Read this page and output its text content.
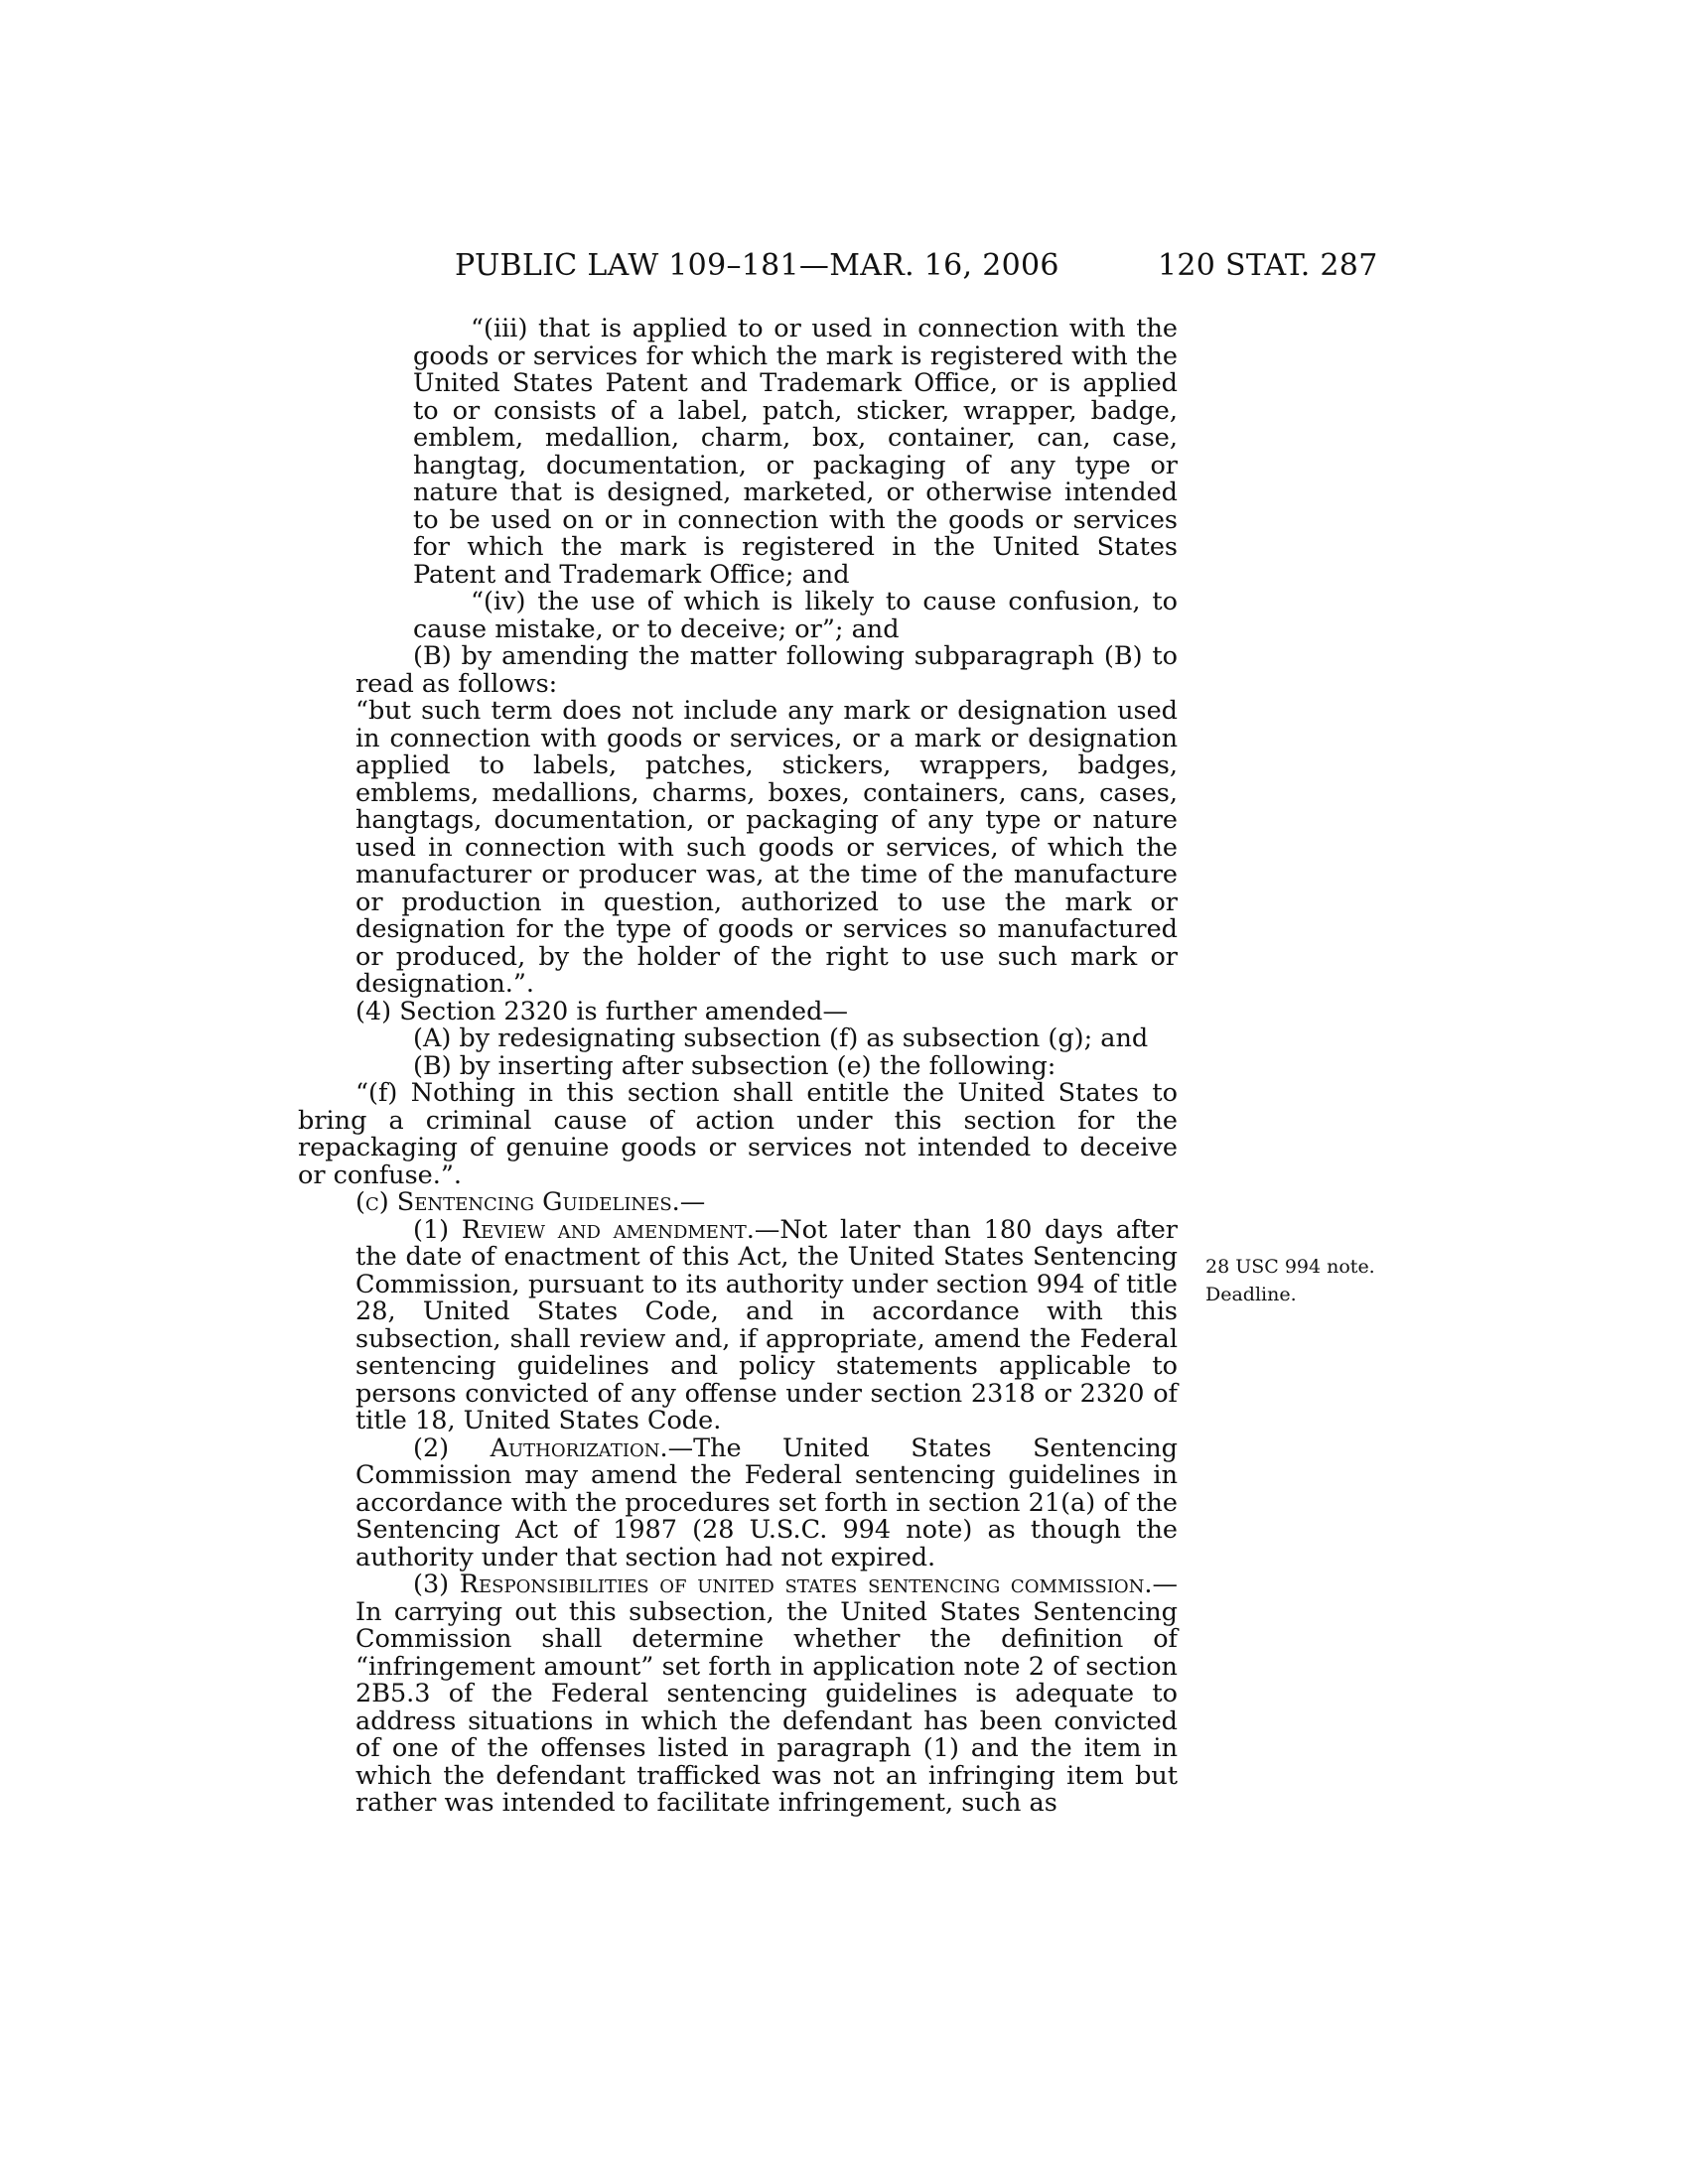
PUBLIC LAW 109–181—MAR. 16, 2006	120 STAT. 287

“(iii) that is applied to or used in connection with the goods or services for which the mark is registered with the United States Patent and Trademark Office, or is applied to or consists of a label, patch, sticker, wrapper, badge, emblem, medallion, charm, box, container, can, case, hangtag, documentation, or packaging of any type or nature that is designed, marketed, or otherwise intended to be used on or in connection with the goods or services for which the mark is registered in the United States Patent and Trademark Office; and

“(iv) the use of which is likely to cause confusion, to cause mistake, or to deceive; or”; and

(B) by amending the matter following subparagraph (B) to read as follows:

“but such term does not include any mark or designation used in connection with goods or services, or a mark or designation applied to labels, patches, stickers, wrappers, badges, emblems, medallions, charms, boxes, containers, cans, cases, hangtags, documentation, or packaging of any type or nature used in connection with such goods or services, of which the manufacturer or producer was, at the time of the manufacture or production in question, authorized to use the mark or designation for the type of goods or services so manufactured or produced, by the holder of the right to use such mark or designation.”.

(4) Section 2320 is further amended—

(A) by redesignating subsection (f) as subsection (g); and

(B) by inserting after subsection (e) the following:

“(f) Nothing in this section shall entitle the United States to bring a criminal cause of action under this section for the repackaging of genuine goods or services not intended to deceive or confuse.”.

(c) Sentencing Guidelines.—

(1) Review and amendment.—Not later than 180 days after the date of enactment of this Act, the United States Sentencing Commission, pursuant to its authority under section 994 of title 28, United States Code, and in accordance with this subsection, shall review and, if appropriate, amend the Federal sentencing guidelines and policy statements applicable to persons convicted of any offense under section 2318 or 2320 of title 18, United States Code.

(2) Authorization.—The United States Sentencing Commission may amend the Federal sentencing guidelines in accordance with the procedures set forth in section 21(a) of the Sentencing Act of 1987 (28 U.S.C. 994 note) as though the authority under that section had not expired.

(3) Responsibilities of united states sentencing commission.—In carrying out this subsection, the United States Sentencing Commission shall determine whether the definition of “infringement amount” set forth in application note 2 of section 2B5.3 of the Federal sentencing guidelines is adequate to address situations in which the defendant has been convicted of one of the offenses listed in paragraph (1) and the item in which the defendant trafficked was not an infringing item but rather was intended to facilitate infringement, such as

28 USC 994 note.
Deadline.
